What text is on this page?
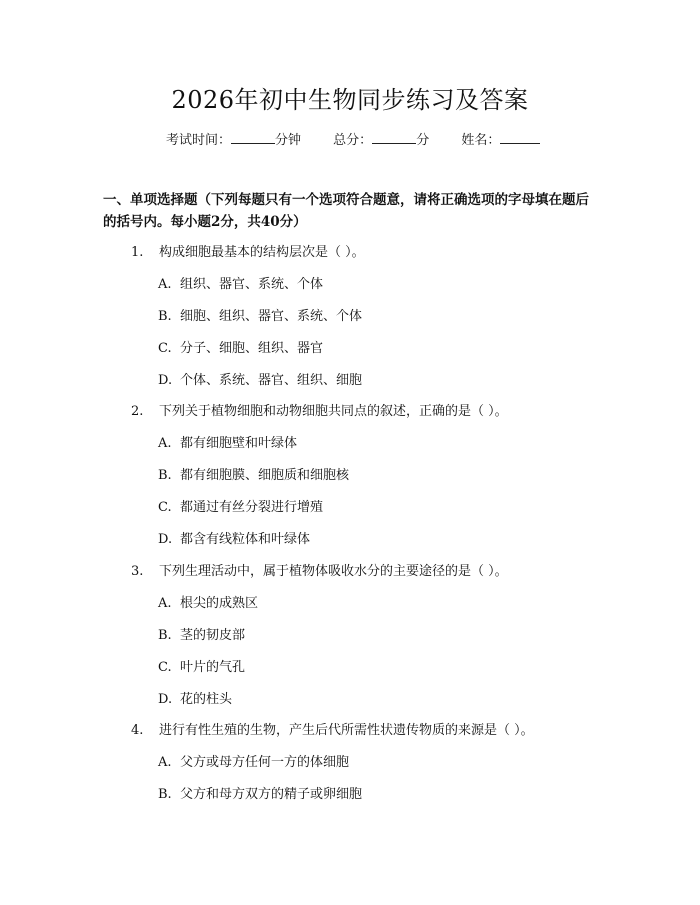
2026年初中生物同步练习及答案
考试时间：	分钟 总分：	分 姓名：
一、单项选择题（下列每题只有一个选项符合题意，请将正确选项的字母填在题后的括号内。每小题2分，共40分）
1. 构成细胞最基本的结构层次是（ ）。
A. 组织、器官、系统、个体
B. 细胞、组织、器官、系统、个体
C. 分子、细胞、组织、器官
D. 个体、系统、器官、组织、细胞
2. 下列关于植物细胞和动物细胞共同点的叙述，正确的是（ ）。
A. 都有细胞壁和叶绿体
B. 都有细胞膜、细胞质和细胞核
C. 都通过有丝分裂进行增殖
D. 都含有线粒体和叶绿体
3. 下列生理活动中，属于植物体吸收水分的主要途径的是（ ）。
A. 根尖的成熟区
B. 茎的韧皮部
C. 叶片的气孔
D. 花的柱头
4. 进行有性生殖的生物，产生后代所需性状遗传物质的来源是（ ）。
A. 父方或母方任何一方的体细胞
B. 父方和母方双方的精子或卵细胞
